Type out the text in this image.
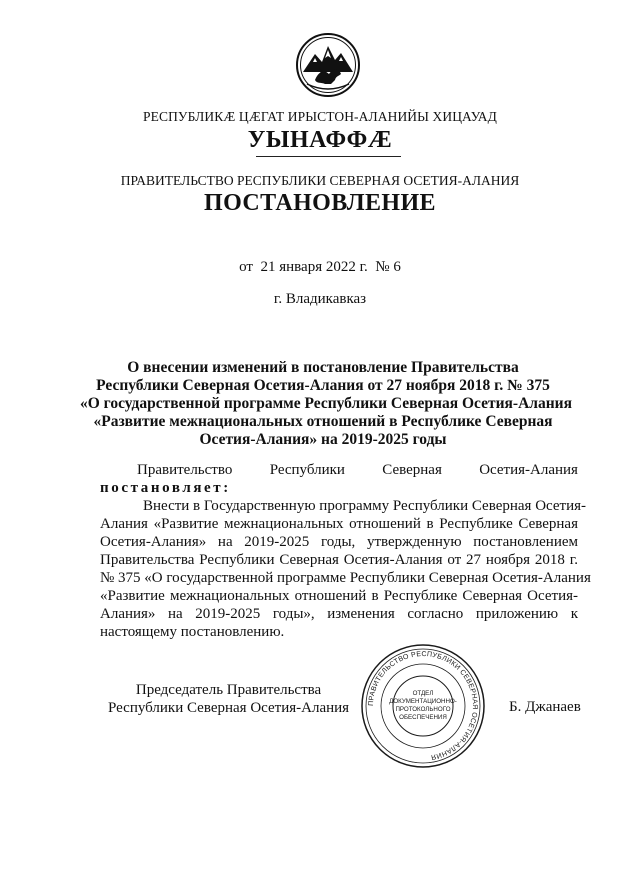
РЕСПУБЛИКӔ ЦӔГАТ ИРЫСТОН-АЛАНИЙЫ ХИЦАУАД
УЫНАФФӔ
ПРАВИТЕЛЬСТВО РЕСПУБЛИКИ СЕВЕРНАЯ ОСЕТИЯ-АЛАНИЯ
ПОСТАНОВЛЕНИЕ
от  21 января 2022 г.  № 6
г. Владикавказ
О внесении изменений в постановление Правительства
Республики Северная Осетия-Алания от 27 ноября 2018 г. № 375
«О государственной программе Республики Северная Осетия-Алания
«Развитие межнациональных отношений в Республике Северная
Осетия-Алания» на 2019-2025 годы
Правительство Республики Северная Осетия-Алания
постановляет:
Внести в Государственную программу Республики Северная Осетия-
Алания «Развитие межнациональных отношений в Республике Северная
Осетия-Алания» на 2019-2025 годы, утвержденную постановлением
Правительства Республики Северная Осетия-Алания от 27 ноября 2018 г.
№ 375 «О государственной программе Республики Северная Осетия-Алания
«Развитие межнациональных отношений в Республике Северная Осетия-
Алания» на 2019-2025 годы», изменения согласно приложению к
настоящему постановлению.
Председатель Правительства
Республики Северная Осетия-Алания	Б. Джанаев
ПРАВИТЕЛЬСТВО РЕСПУБЛИКИ СЕВЕРНАЯ ОСЕТИЯ-АЛАНИЯ
ОТДЕЛ
ДОКУМЕНТАЦИОННО-
ПРОТОКОЛЬНОГО
ОБЕСПЕЧЕНИЯ
